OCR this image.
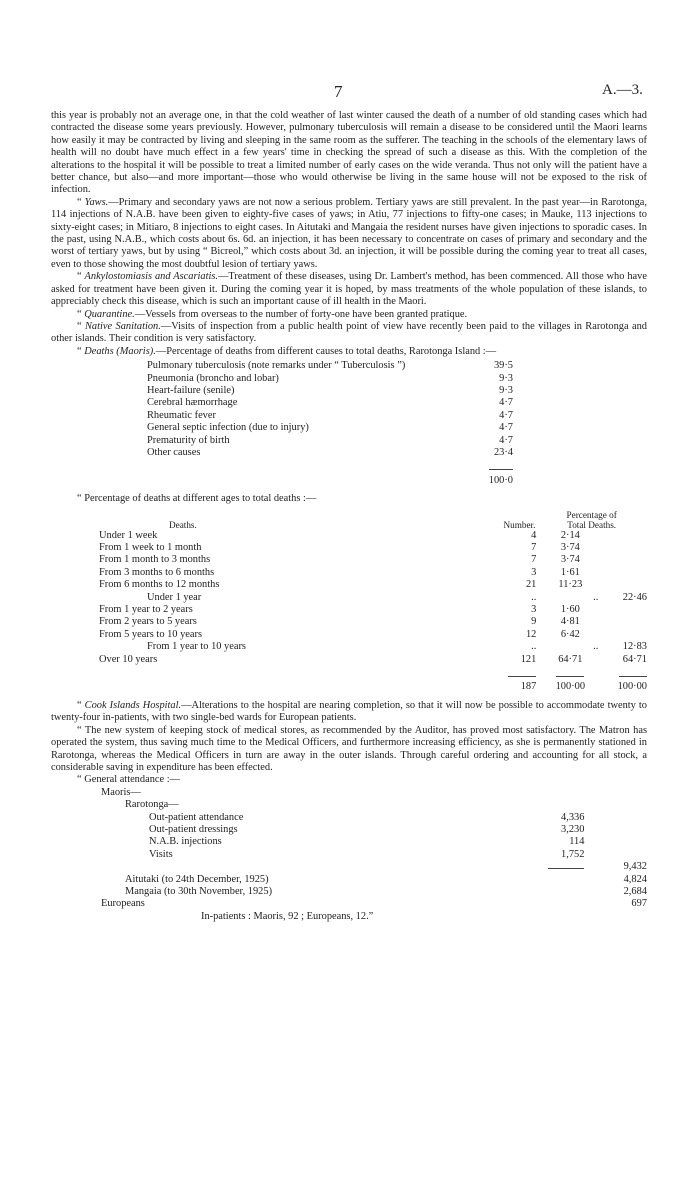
7	A.—3.

this year is probably not an average one, in that the cold weather of last winter caused the death of a number of old standing cases which had contracted the disease some years previously. However, pulmonary tuberculosis will remain a disease to be considered until the Maori learns how easily it may be contracted by living and sleeping in the same room as the sufferer. The teaching in the schools of the elementary laws of health will no doubt have much effect in a few years' time in checking the spread of such a disease as this. With the completion of the alterations to the hospital it will be possible to treat a limited number of early cases on the wide veranda. Thus not only will the patient have a better chance, but also—and more important—those who would otherwise be living in the same house will not be exposed to the risk of infection.

“ Yaws.—Primary and secondary yaws are not now a serious problem. Tertiary yaws are still prevalent. In the past year—in Rarotonga, 114 injections of N.A.B. have been given to eighty-five cases of yaws; in Atiu, 77 injections to fifty-one cases; in Mauke, 113 injections to sixty-eight cases; in Mitiaro, 8 injections to eight cases. In Aitutaki and Mangaia the resident nurses have given injections to sporadic cases. In the past, using N.A.B., which costs about 6s. 6d. an injection, it has been necessary to concentrate on cases of primary and secondary and the worst of tertiary yaws, but by using “ Bicreol,” which costs about 3d. an injection, it will be possible during the coming year to treat all cases, even to those showing the most doubtful lesion of tertiary yaws.

“ Ankylostomiasis and Ascariatis.—Treatment of these diseases, using Dr. Lambert's method, has been commenced. All those who have asked for treatment have been given it. During the coming year it is hoped, by mass treatments of the whole population of these islands, to appreciably check this disease, which is such an important cause of ill health in the Maori.

“ Quarantine.—Vessels from overseas to the number of forty-one have been granted pratique.

“ Native Sanitation.—Visits of inspection from a public health point of view have recently been paid to the villages in Rarotonga and other islands. Their condition is very satisfactory.

“ Deaths (Maoris).—Percentage of deaths from different causes to total deaths, Rarotonga Island :—

Pulmonary tuberculosis (note remarks under “ Tuberculosis ”)	39·5
Pneumonia (broncho and lobar)	9·3
Heart-failure (senile)	9·3
Cerebral hæmorrhage	4·7
Rheumatic fever	4·7
General septic infection (due to injury)	4·7
Prematurity of birth	4·7
Other causes	23·4

	100·0

“ Percentage of deaths at different ages to total deaths :—

Deaths.	Number.	Percentage of
Total Deaths.	
Under 1 week	4	2·14	
From 1 week to 1 month	7	3·74	
From 1 month to 3 months	7	3·74	
From 3 months to 6 months	3	1·61	
From 6 months to 12 months	21	11·23	
Under 1 year	..	..	22·46
From 1 year to 2 years	3	1·60	
From 2 years to 5 years	9	4·81	
From 5 years to 10 years	12	6·42	
From 1 year to 10 years	..	..	12·83
Over 10 years	121	64·71	64·71

	187	100·00	100·00

“ Cook Islands Hospital.—Alterations to the hospital are nearing completion, so that it will now be possible to accommodate twenty to twenty-four in-patients, with two single-bed wards for European patients.

“ The new system of keeping stock of medical stores, as recommended by the Auditor, has proved most satisfactory. The Matron has operated the system, thus saving much time to the Medical Officers, and furthermore increasing efficiency, as she is permanently stationed in Rarotonga, whereas the Medical Officers in turn are away in the outer islands. Through careful ordering and accounting for all stock, a considerable saving in expenditure has been effected.

“ General attendance :—		
Maoris—		
Rarotonga—		
Out-patient attendance	4,336	
Out-patient dressings	3,230	
N.A.B. injections	114	
Visits	1,752	
		9,432
Aitutaki (to 24th December, 1925)		4,824
Mangaia (to 30th November, 1925)		2,684
Europeans		697
In-patients : Maoris, 92 ; Europeans, 12.”		
